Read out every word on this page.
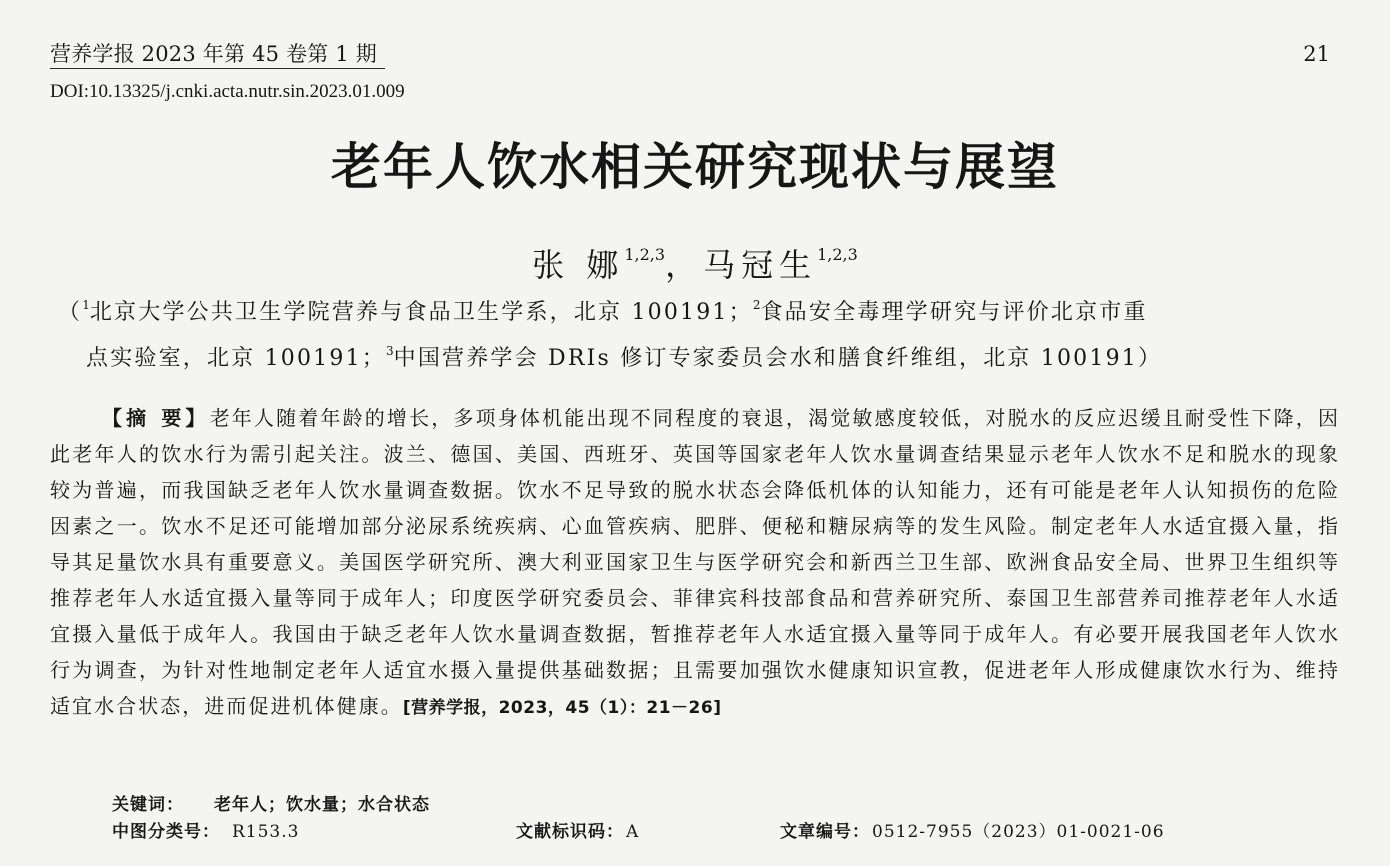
营养学报 2023 年第 45 卷第 1 期	21
DOI:10.13325/j.cnki.acta.nutr.sin.2023.01.009
老年人饮水相关研究现状与展望
张 娜$^{1,2,3}$，马冠生$^{1,2,3}$
（$^1$北京大学公共卫生学院营养与食品卫生学系，北京 100191；$^2$食品安全毒理学研究与评价北京市重
点实验室，北京 100191；$^3$中国营养学会 DRIs 修订专家委员会水和膳食纤维组，北京 100191）
【摘 要】老年人随着年龄的增长，多项身体机能出现不同程度的衰退，渴觉敏感度较低，对脱水的反应迟缓且耐受性下降，因此老年人的饮水行为需引起关注。波兰、德国、美国、西班牙、英国等国家老年人饮水量调查结果显示老年人饮水不足和脱水的现象较为普遍，而我国缺乏老年人饮水量调查数据。饮水不足导致的脱水状态会降低机体的认知能力，还有可能是老年人认知损伤的危险因素之一。饮水不足还可能增加部分泌尿系统疾病、心血管疾病、肥胖、便秘和糖尿病等的发生风险。制定老年人水适宜摄入量，指导其足量饮水具有重要意义。美国医学研究所、澳大利亚国家卫生与医学研究会和新西兰卫生部、欧洲食品安全局、世界卫生组织等推荐老年人水适宜摄入量等同于成年人；印度医学研究委员会、菲律宾科技部食品和营养研究所、泰国卫生部营养司推荐老年人水适宜摄入量低于成年人。我国由于缺乏老年人饮水量调查数据，暂推荐老年人水适宜摄入量等同于成年人。有必要开展我国老年人饮水行为调查，为针对性地制定老年人适宜水摄入量提供基础数据；且需要加强饮水健康知识宣教，促进老年人形成健康饮水行为、维持适宜水合状态，进而促进机体健康。[营养学报，2023，45（1）：21－26]
关键词： 老年人；饮水量；水合状态
中图分类号： R153.3	文献标识码： A	文章编号： 0512-7955（2023）01-0021-06
